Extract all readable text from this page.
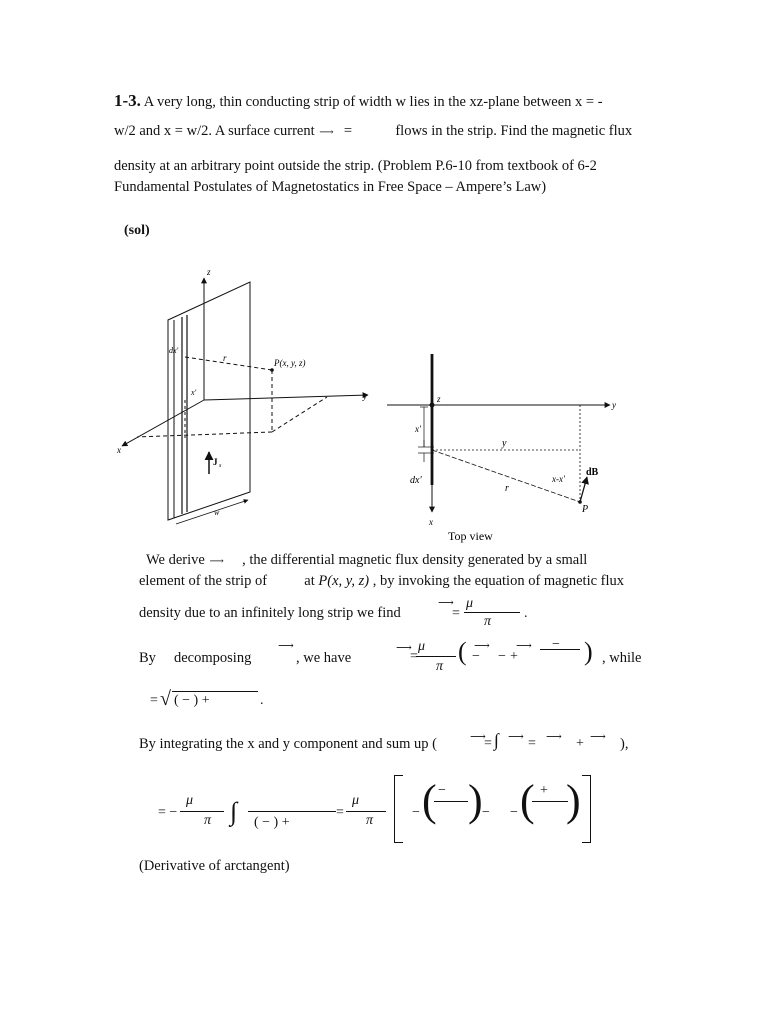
1-3. A very long, thin conducting strip of width w lies in the xz-plane between x = -
w/2 and x = w/2. A surface current ⟶ =	flows in the strip. Find the magnetic flux
density at an arbitrary point outside the strip. (Problem P.6-10 from textbook of 6-2
Fundamental Postulates of Magnetostatics in Free Space – Ampere’s Law)
(sol)
z
y
x
dx'
r	P(x, y, z)
x'
J s
w
z
y
x
x'
dx'
y
r
x-x'
dB
P
Top view
We derive ⟶ , the differential magnetic flux density generated by a small
element of the strip of	at P(x, y, z) , by invoking the equation of magnetic flux
density due to an infinitely long strip we find
⟶
=
μ
π
.
By decomposing
⟶
, we have
⟶
=
μ
π
( −
⟶
− +
⟶ − ) , while
= √ ( − ) +	.
By integrating the x and y component and sum up (	⟶
= ∫ ⟶ = ⟶ + ⟶ ),
= −
μ
π ∫ ( − ) +
=
μ
π
− ( − ) − − ( + )
(Derivative of arctangent)
